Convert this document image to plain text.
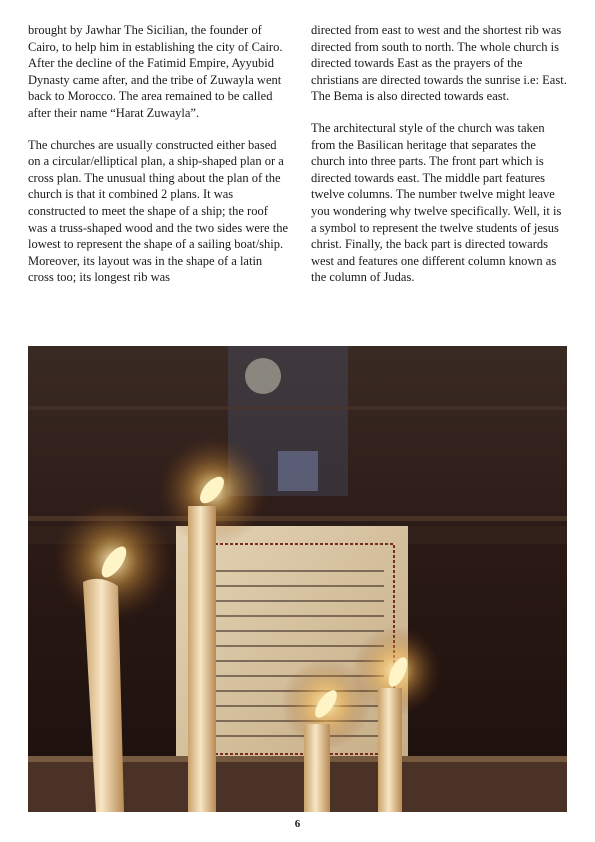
brought by Jawhar The Sicilian, the founder of Cairo, to help him in establishing the city of Cairo. After the decline of the Fatimid Empire, Ayyubid Dynasty came after, and the tribe of Zuwayla went back to Morocco. The area remained to be called after their name “Harat Zuwayla”.

The churches are usually constructed either based on a circular/elliptical plan, a ship-shaped plan or a cross plan. The unusual thing about the plan of the church is that it combined 2 plans. It was constructed to meet the shape of a ship; the roof was a truss-shaped wood and the two sides were the lowest to represent the shape of a sailing boat/ship. Moreover, its layout was in the shape of a latin cross too; its longest rib was

directed from east to west and the shortest rib was directed from south to north. The whole church is directed towards East as the prayers of the christians are directed towards the sunrise i.e: East. The Bema is also directed towards east.

The architectural style of the church was taken from the Basilican heritage that separates the church into three parts. The front part which is directed towards east. The middle part features twelve columns. The number twelve might leave you wondering why twelve specifically. Well, it is a symbol to represent the twelve students of jesus christ. Finally, the back part is directed towards west and features one different column known as the column of Judas.

6
